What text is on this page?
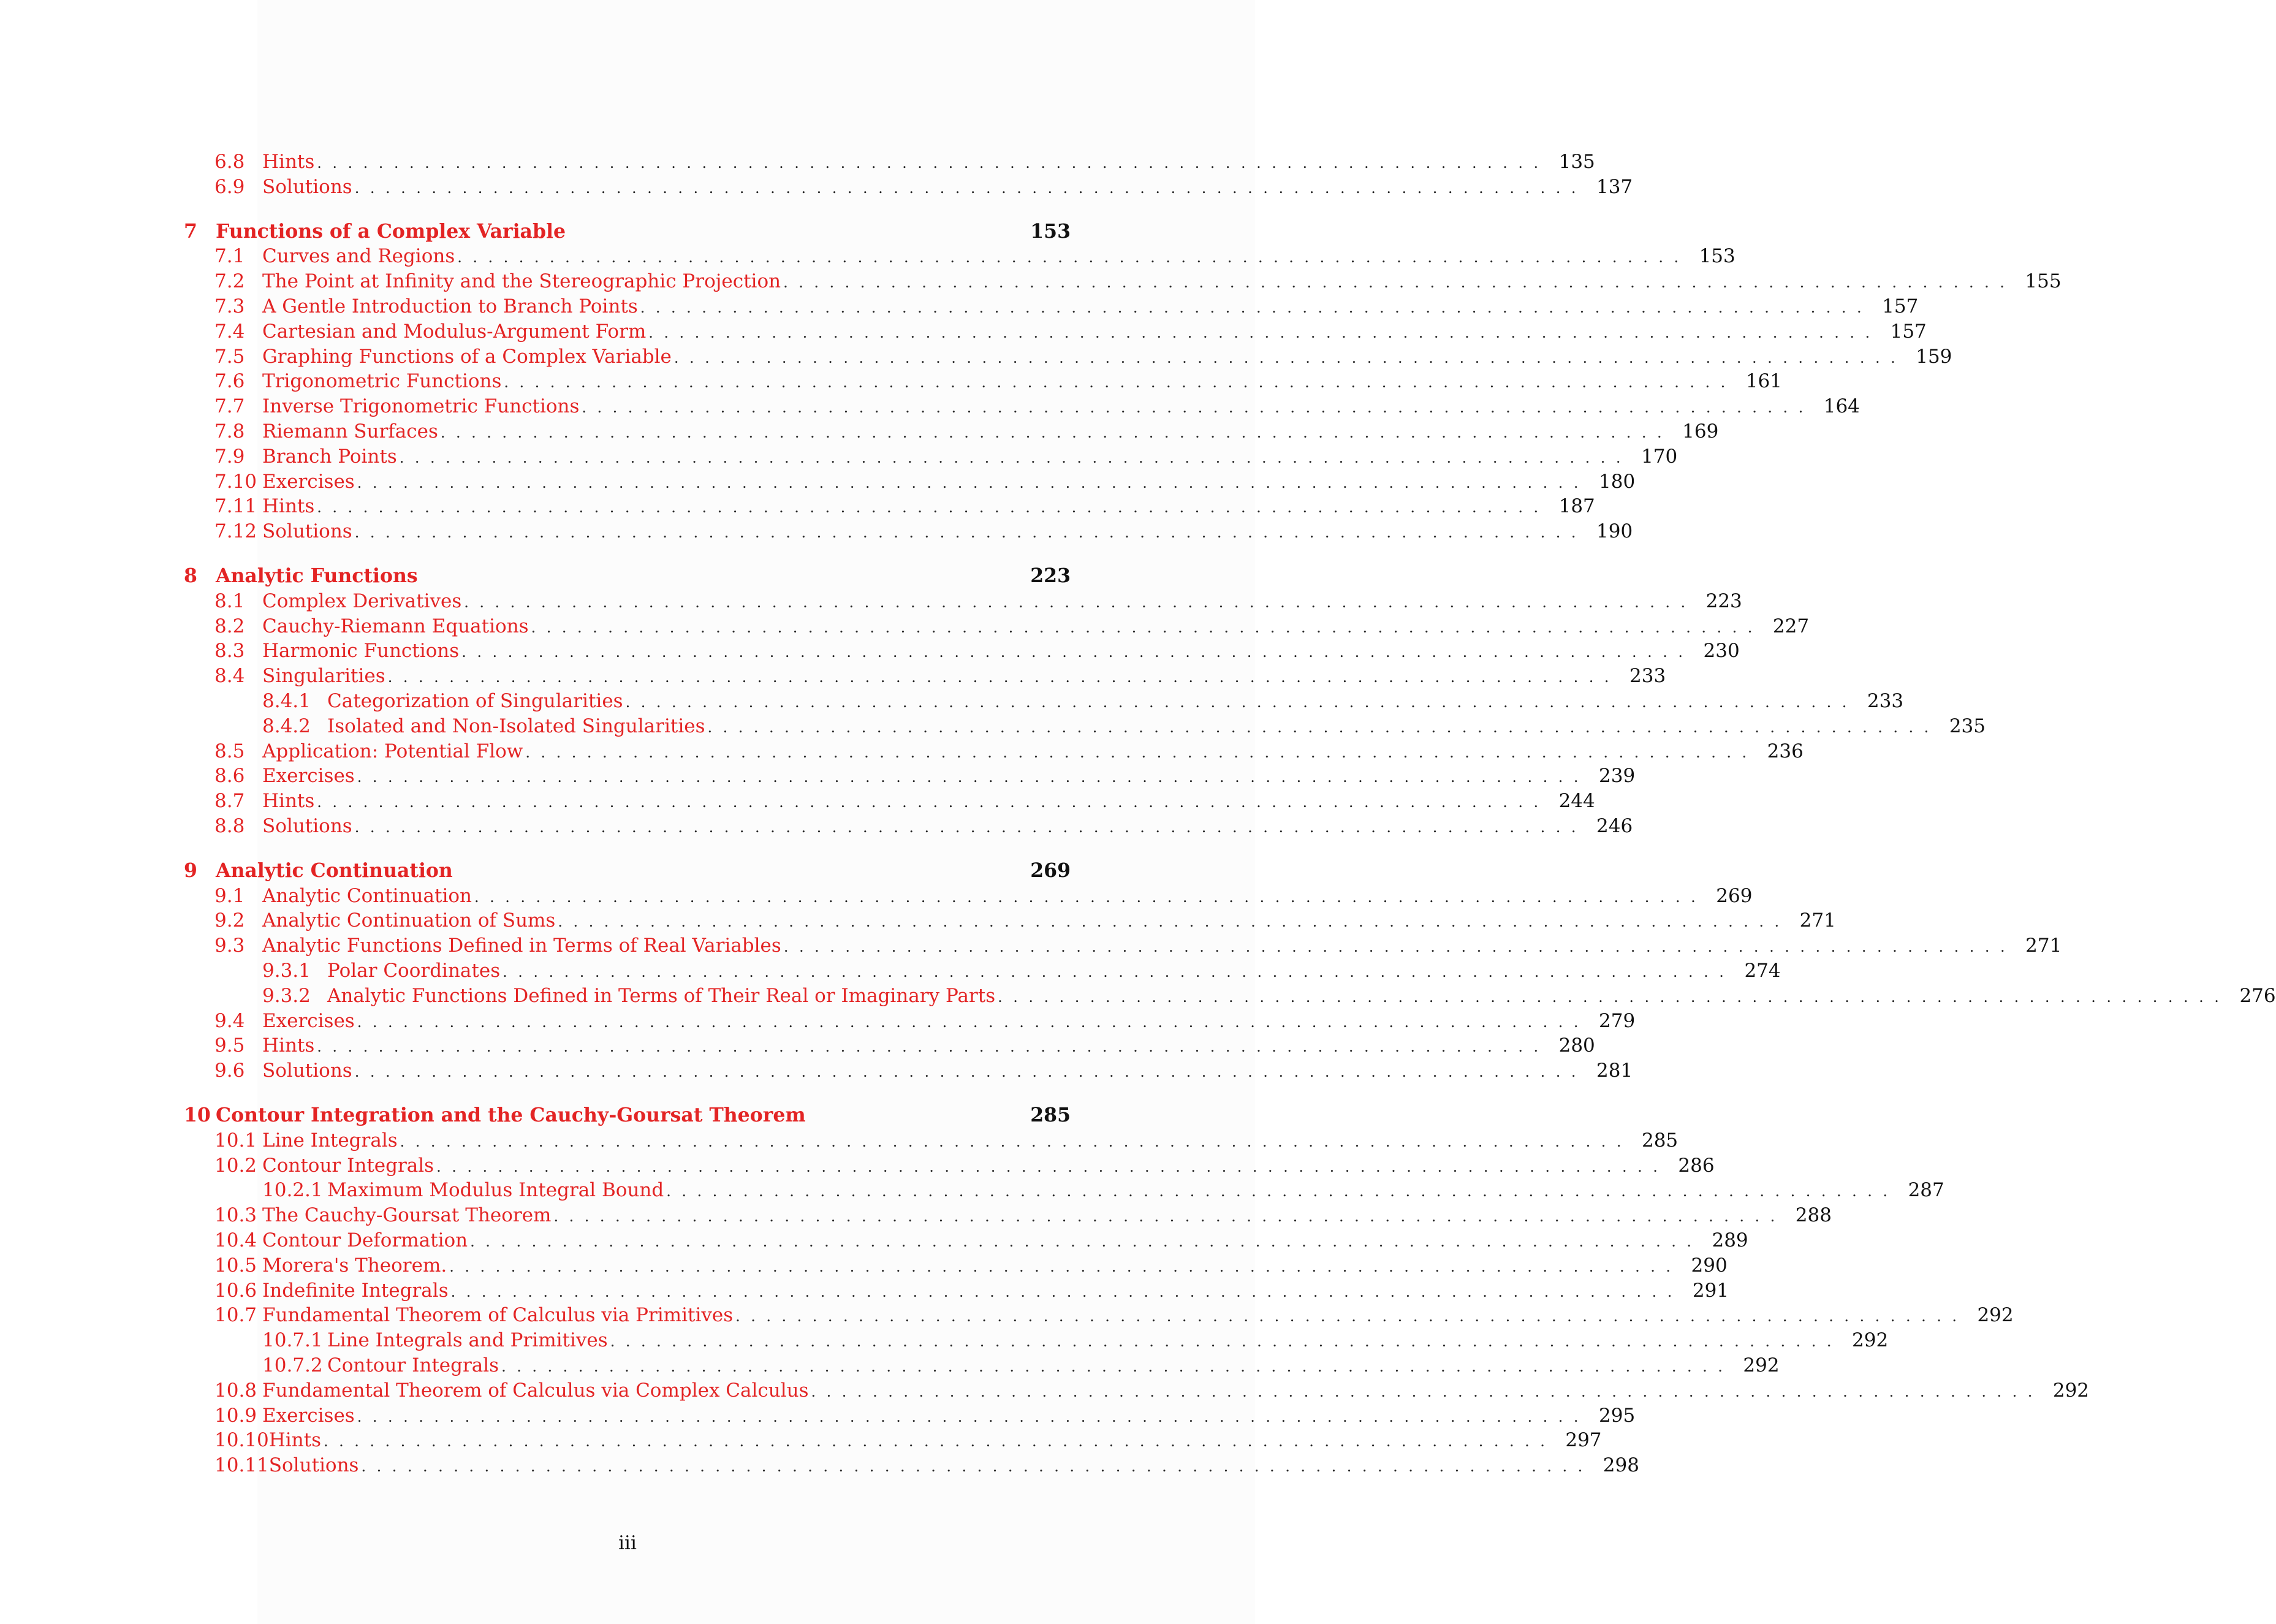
6.8 Hints ................................................................................ 135
6.9 Solutions ................................................................................ 137
7 Functions of a Complex Variable	153
7.1 Curves and Regions ................................................................................ 153
7.2 The Point at Infinity and the Stereographic Projection ................................................................................ 155
7.3 A Gentle Introduction to Branch Points ................................................................................ 157
7.4 Cartesian and Modulus-Argument Form ................................................................................ 157
7.5 Graphing Functions of a Complex Variable ................................................................................ 159
7.6 Trigonometric Functions ................................................................................ 161
7.7 Inverse Trigonometric Functions ................................................................................ 164
7.8 Riemann Surfaces ................................................................................ 169
7.9 Branch Points ................................................................................ 170
7.10 Exercises ................................................................................ 180
7.11 Hints ................................................................................ 187
7.12 Solutions ................................................................................ 190
8 Analytic Functions	223
8.1 Complex Derivatives ................................................................................ 223
8.2 Cauchy-Riemann Equations ................................................................................ 227
8.3 Harmonic Functions ................................................................................ 230
8.4 Singularities ................................................................................ 233
8.4.1 Categorization of Singularities ................................................................................ 233
8.4.2 Isolated and Non-Isolated Singularities ................................................................................ 235
8.5 Application: Potential Flow ................................................................................ 236
8.6 Exercises ................................................................................ 239
8.7 Hints ................................................................................ 244
8.8 Solutions ................................................................................ 246
9 Analytic Continuation	269
9.1 Analytic Continuation ................................................................................ 269
9.2 Analytic Continuation of Sums ................................................................................ 271
9.3 Analytic Functions Defined in Terms of Real Variables ................................................................................ 271
9.3.1 Polar Coordinates ................................................................................ 274
9.3.2 Analytic Functions Defined in Terms of Their Real or Imaginary Parts ................................................................................ 276
9.4 Exercises ................................................................................ 279
9.5 Hints ................................................................................ 280
9.6 Solutions ................................................................................ 281
10 Contour Integration and the Cauchy-Goursat Theorem	285
10.1 Line Integrals ................................................................................ 285
10.2 Contour Integrals ................................................................................ 286
10.2.1 Maximum Modulus Integral Bound ................................................................................ 287
10.3 The Cauchy-Goursat Theorem ................................................................................ 288
10.4 Contour Deformation ................................................................................ 289
10.5 Morera's Theorem. ................................................................................ 290
10.6 Indefinite Integrals ................................................................................ 291
10.7 Fundamental Theorem of Calculus via Primitives ................................................................................ 292
10.7.1 Line Integrals and Primitives ................................................................................ 292
10.7.2 Contour Integrals ................................................................................ 292
10.8 Fundamental Theorem of Calculus via Complex Calculus ................................................................................ 292
10.9 Exercises ................................................................................ 295
10.10 Hints ................................................................................ 297
10.11 Solutions ................................................................................ 298
iii
